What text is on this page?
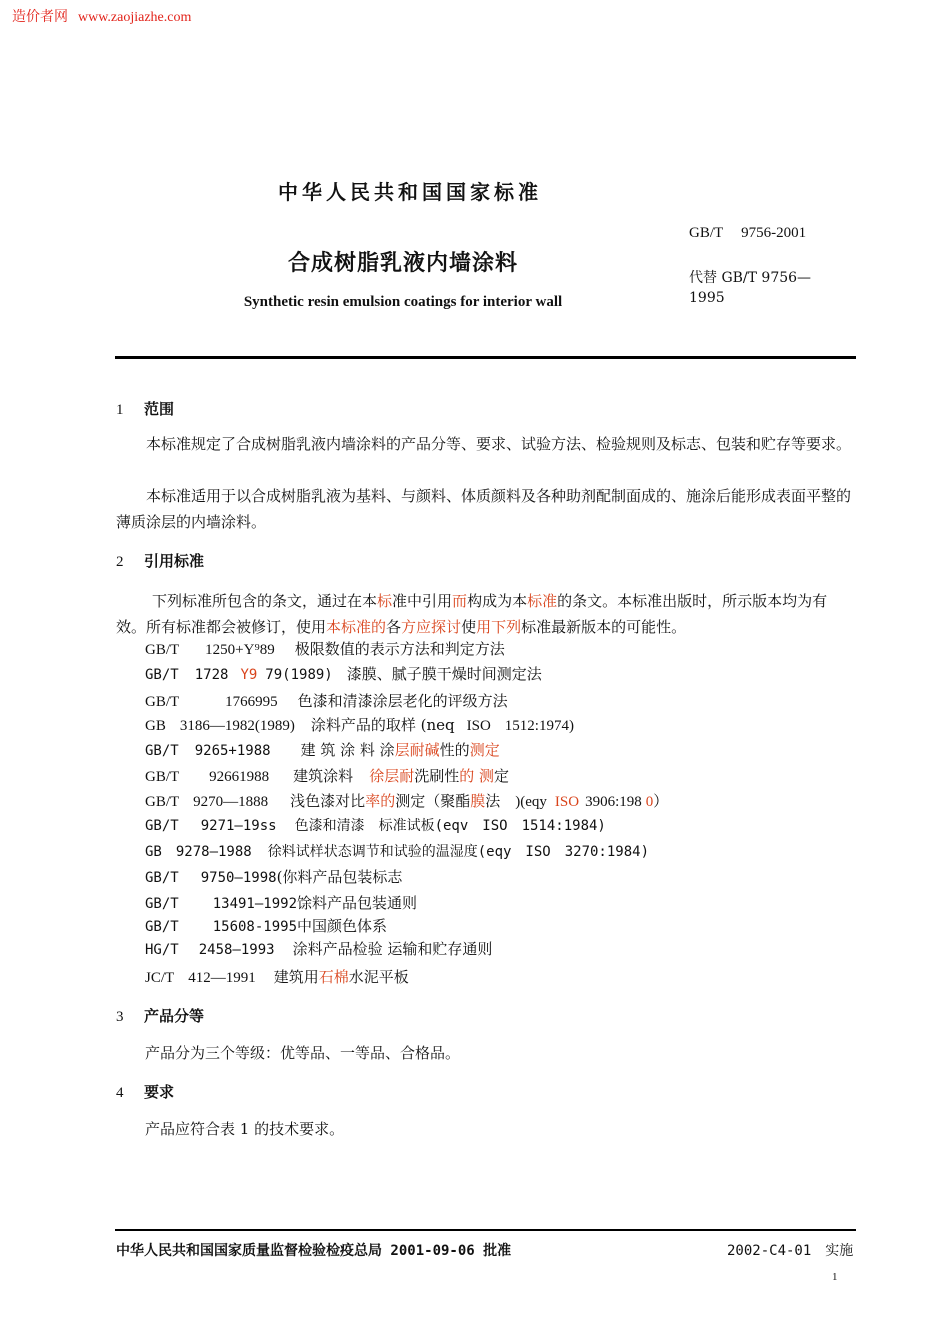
造价者网 www.zaojiazhe.com
中华人民共和国国家标准
GB/T 9756-2001
合成树脂乳液内墙涂料
代替 GB/T 9756—
1995
Synthetic resin emulsion coatings for interior wall
1 范围
本标准规定了合成树脂乳液内墙涂料的产品分等、要求、试验方法、检验规则及标志、包装和贮存等要求。
本标准适用于以合成树脂乳液为基料、与颜料、体质颜料及各种助剂配制面成的、施涂后能形成表面平整的薄质涂层的内墙涂料。
2 引用标准
下列标准所包含的条文，通过在本标准中引用而构成为本标准的条文。本标准出版时，所示版本均为有效。所有标准都会被修订，使用本标准的各方应探讨使用下列标准最新版本的可能性。
GB/T 1250+Y⁹89 极限数值的表示方法和判定方法
GB/T 1728 Y9 79(1989) 漆膜、腻子膜干燥时间测定法
GB/T	1766995 色漆和清漆涂层老化的评级方法
GB 3186—1982(1989) 涂料产品的取样 (neq ISO 1512:1974)
GB/T 9265+1988 建 筑 涂 料 涂层耐碱性的测定
GB/T 92661988 建筑涂料 徐层耐洗刷性的 测定
GB/T 9270—1888 浅色漆对比率的测定（聚酯膜法　)(eqy ISO 3906:198 0）
GB/T 9271—19ss 色漆和清漆　标准试板(eqv　ISO　1514:1984)
GB 9278—1988 徐料试样状态调节和试验的温湿度(eqy　ISO　3270:1984)
GB/T 9750—1998(你料产品包装标志
GB/T 13491—1992馀料产品包装通则
GB/T 15608-1995中国颜色体系
HG/T 2458—1993 涂料产品检验 运输和贮存通则
JC/T 412—1991 建筑用石棉水泥平板
3 产品分等
产品分为三个等级：优等品、一等品、合格品。
4 要求
产品应符合表 1 的技术要求。
中华人民共和国国家质量监督检验检疫总局 2001-09-06 批准	2002-C4-01　实施
1
